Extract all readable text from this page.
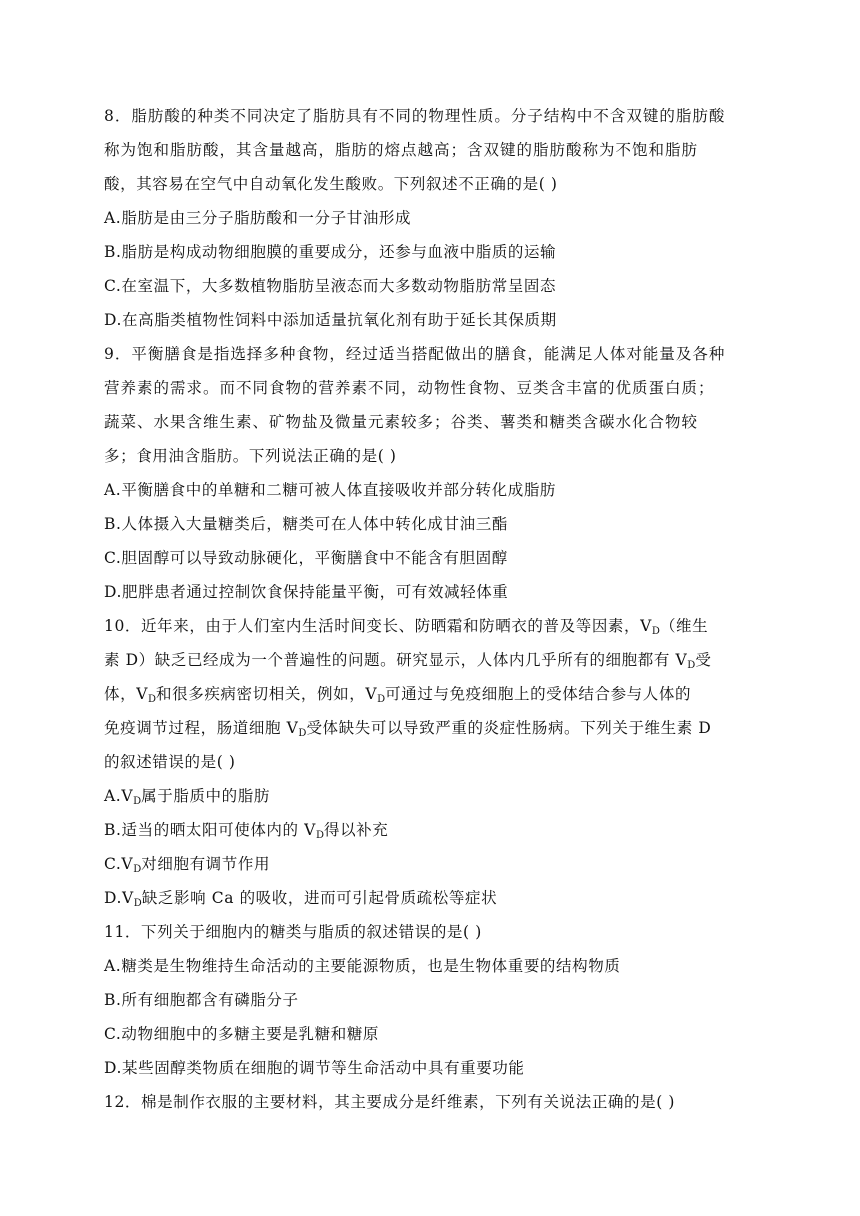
8．脂肪酸的种类不同决定了脂肪具有不同的物理性质。分子结构中不含双键的脂肪酸
称为饱和脂肪酸，其含量越高，脂肪的熔点越高；含双键的脂肪酸称为不饱和脂肪
酸，其容易在空气中自动氧化发生酸败。下列叙述不正确的是( )
A.脂肪是由三分子脂肪酸和一分子甘油形成
B.脂肪是构成动物细胞膜的重要成分，还参与血液中脂质的运输
C.在室温下，大多数植物脂肪呈液态而大多数动物脂肪常呈固态
D.在高脂类植物性饲料中添加适量抗氧化剂有助于延长其保质期
9．平衡膳食是指选择多种食物，经过适当搭配做出的膳食，能满足人体对能量及各种
营养素的需求。而不同食物的营养素不同，动物性食物、豆类含丰富的优质蛋白质；
蔬菜、水果含维生素、矿物盐及微量元素较多；谷类、薯类和糖类含碳水化合物较
多；食用油含脂肪。下列说法正确的是( )
A.平衡膳食中的单糖和二糖可被人体直接吸收并部分转化成脂肪
B.人体摄入大量糖类后，糖类可在人体中转化成甘油三酯
C.胆固醇可以导致动脉硬化，平衡膳食中不能含有胆固醇
D.肥胖患者通过控制饮食保持能量平衡，可有效减轻体重
10．近年来，由于人们室内生活时间变长、防晒霜和防晒衣的普及等因素，$V_D$（维生
素 D）缺乏已经成为一个普遍性的问题。研究显示，人体内几乎所有的细胞都有 $V_D$受
体，$V_D$和很多疾病密切相关，例如，$V_D$可通过与免疫细胞上的受体结合参与人体的
免疫调节过程，肠道细胞 $V_D$受体缺失可以导致严重的炎症性肠病。下列关于维生素 D
的叙述错误的是( )
$A.V_D$属于脂质中的脂肪
B.适当的晒太阳可使体内的 $V_D$得以补充
$C.V_D$对细胞有调节作用
$D.V_D$缺乏影响 Ca 的吸收，进而可引起骨质疏松等症状
11．下列关于细胞内的糖类与脂质的叙述错误的是( )
A.糖类是生物维持生命活动的主要能源物质，也是生物体重要的结构物质
B.所有细胞都含有磷脂分子
C.动物细胞中的多糖主要是乳糖和糖原
D.某些固醇类物质在细胞的调节等生命活动中具有重要功能
12．棉是制作衣服的主要材料，其主要成分是纤维素，下列有关说法正确的是( )
